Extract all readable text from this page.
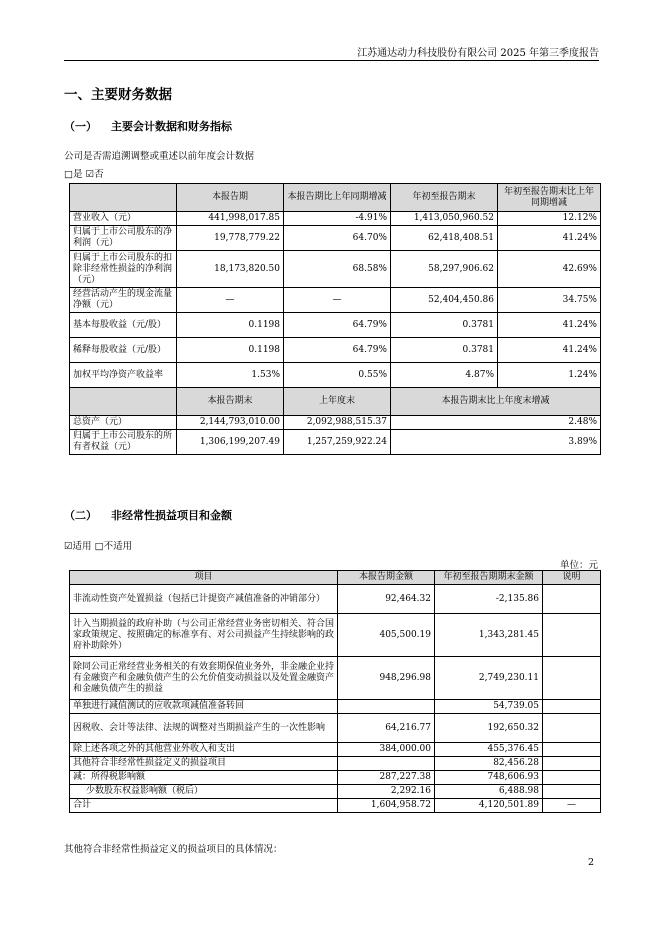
江苏通达动力科技股份有限公司 2025 年第三季度报告
一、主要财务数据
（一） 主要会计数据和财务指标
公司是否需追溯调整或重述以前年度会计数据
□是 ☑否
	本报告期	本报告期比上年同期增减	年初至报告期末	年初至报告期末比上年同期增减
营业收入（元）	441,998,017.85	-4.91%	1,413,050,960.52	12.12%
归属于上市公司股东的净利润（元）	19,778,779.22	64.70%	62,418,408.51	41.24%
归属于上市公司股东的扣除非经常性损益的净利润（元）	18,173,820.50	68.58%	58,297,906.62	42.69%
经营活动产生的现金流量净额（元）	—	—	52,404,450.86	34.75%
基本每股收益（元/股）	0.1198	64.79%	0.3781	41.24%
稀释每股收益（元/股）	0.1198	64.79%	0.3781	41.24%
加权平均净资产收益率	1.53%	0.55%	4.87%	1.24%
	本报告期末	上年度末	本报告期末比上年度末增减	
总资产（元）	2,144,793,010.00	2,092,988,515.37	2.48%	
归属于上市公司股东的所有者权益（元）	1,306,199,207.49	1,257,259,922.24	3.89%	
（二） 非经常性损益项目和金额
☑适用 □不适用
单位：元
项目	本报告期金额	年初至报告期期末金额	说明
非流动性资产处置损益（包括已计提资产减值准备的冲销部分）	92,464.32	-2,135.86	
计入当期损益的政府补助（与公司正常经营业务密切相关、符合国家政策规定、按照确定的标准享有、对公司损益产生持续影响的政府补助除外）	405,500.19	1,343,281.45	
除同公司正常经营业务相关的有效套期保值业务外，非金融企业持有金融资产和金融负债产生的公允价值变动损益以及处置金融资产和金融负债产生的损益	948,296.98	2,749,230.11	
单独进行减值测试的应收款项减值准备转回		54,739.05	
因税收、会计等法律、法规的调整对当期损益产生的一次性影响	64,216.77	192,650.32	
除上述各项之外的其他营业外收入和支出	384,000.00	455,376.45	
其他符合非经常性损益定义的损益项目		82,456.28	
减：所得税影响额	287,227.38	748,606.93	
少数股东权益影响额（税后）	2,292.16	6,488.98	
合计	1,604,958.72	4,120,501.89	—
其他符合非经常性损益定义的损益项目的具体情况：
2
